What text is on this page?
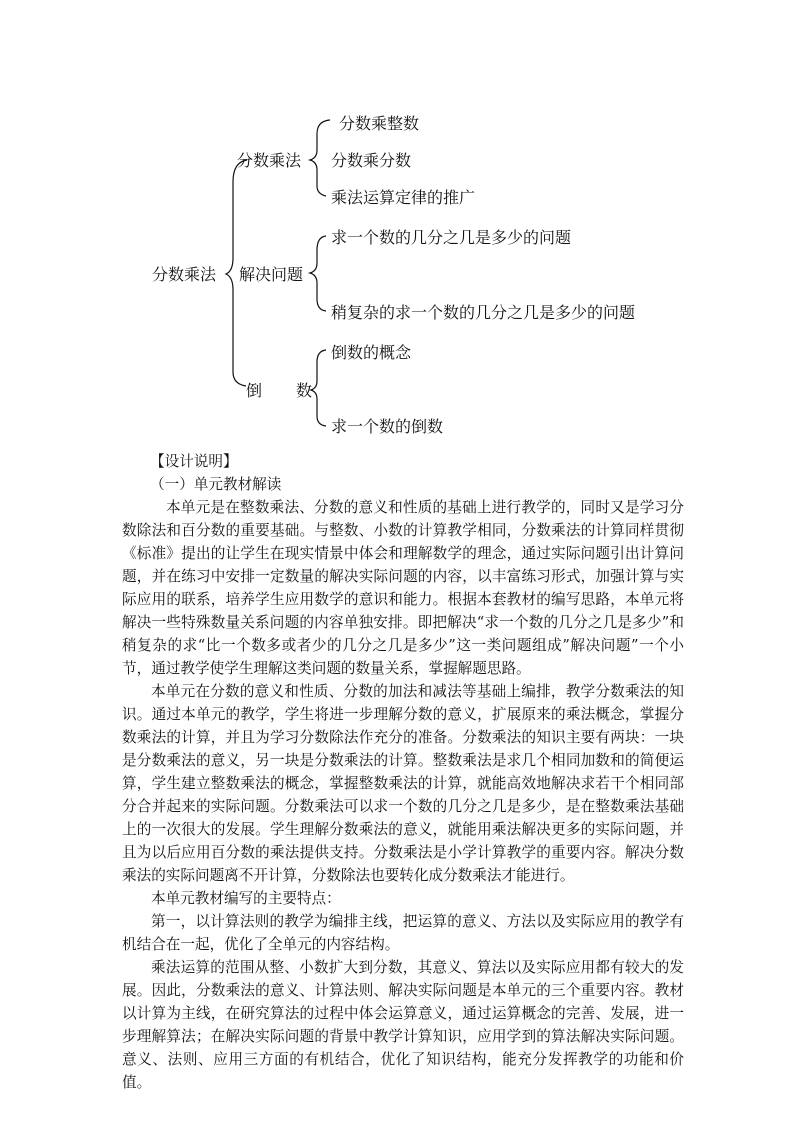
分数乘法
分数乘法
分数乘整数
分数乘分数
乘法运算定律的推广
解决问题
求一个数的几分之几是多少的问题
稍复杂的求一个数的几分之几是多少的问题
倒 数
倒数的概念
求一个数的倒数

【设计说明】

（一）单元教材解读

本单元是在整数乘法、分数的意义和性质的基础上进行教学的，同时又是学习分数除法和百分数的重要基础。与整数、小数的计算教学相同，分数乘法的计算同样贯彻《标准》提出的让学生在现实情景中体会和理解数学的理念，通过实际问题引出计算问题，并在练习中安排一定数量的解决实际问题的内容，以丰富练习形式，加强计算与实际应用的联系，培养学生应用数学的意识和能力。根据本套教材的编写思路，本单元将解决一些特殊数量关系问题的内容单独安排。即把解决“求一个数的几分之几是多少”和稍复杂的求“比一个数多或者少的几分之几是多少”这一类问题组成”解决问题”一个小节，通过教学使学生理解这类问题的数量关系，掌握解题思路。

本单元在分数的意义和性质、分数的加法和减法等基础上编排，教学分数乘法的知识。通过本单元的教学，学生将进一步理解分数的意义，扩展原来的乘法概念，掌握分数乘法的计算，并且为学习分数除法作充分的准备。分数乘法的知识主要有两块：一块是分数乘法的意义，另一块是分数乘法的计算。整数乘法是求几个相同加数和的简便运算，学生建立整数乘法的概念，掌握整数乘法的计算，就能高效地解决求若干个相同部分合并起来的实际问题。分数乘法可以求一个数的几分之几是多少，是在整数乘法基础上的一次很大的发展。学生理解分数乘法的意义，就能用乘法解决更多的实际问题，并且为以后应用百分数的乘法提供支持。分数乘法是小学计算教学的重要内容。解决分数乘法的实际问题离不开计算，分数除法也要转化成分数乘法才能进行。

本单元教材编写的主要特点：

第一，以计算法则的教学为编排主线，把运算的意义、方法以及实际应用的教学有机结合在一起，优化了全单元的内容结构。

乘法运算的范围从整、小数扩大到分数，其意义、算法以及实际应用都有较大的发展。因此，分数乘法的意义、计算法则、解决实际问题是本单元的三个重要内容。教材以计算为主线，在研究算法的过程中体会运算意义，通过运算概念的完善、发展，进一步理解算法；在解决实际问题的背景中教学计算知识，应用学到的算法解决实际问题。意义、法则、应用三方面的有机结合，优化了知识结构，能充分发挥教学的功能和价值。
